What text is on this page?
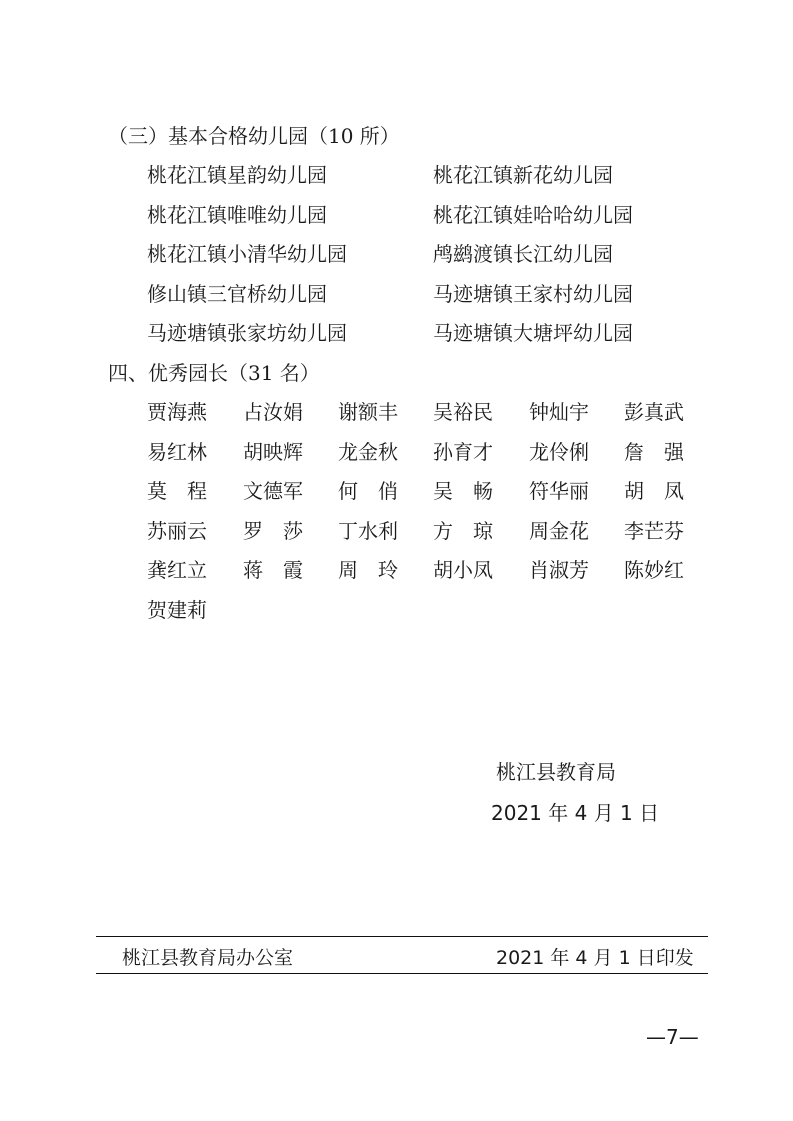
（三）基本合格幼儿园（10 所）
桃花江镇星韵幼儿园	桃花江镇新花幼儿园
桃花江镇唯唯幼儿园	桃花江镇娃哈哈幼儿园
桃花江镇小清华幼儿园	鸬鹚渡镇长江幼儿园
修山镇三官桥幼儿园	马迹塘镇王家村幼儿园
马迹塘镇张家坊幼儿园	马迹塘镇大塘坪幼儿园
四、优秀园长（31 名）
贾海燕	占汝娟	谢额丰	吴裕民	钟灿宇	彭真武
易红林	胡映辉	龙金秋	孙育才	龙伶俐	詹　强
莫　程	文德军	何　俏	吴　畅	符华丽	胡　凤
苏丽云	罗　莎	丁水利	方　琼	周金花	李芒芬
龚红立	蒋　霞	周　玲	胡小凤	肖淑芳	陈妙红
贺建莉
桃江县教育局
2021 年 4 月 1 日
桃江县教育局办公室	2021 年 4 月 1 日印发
—7—
